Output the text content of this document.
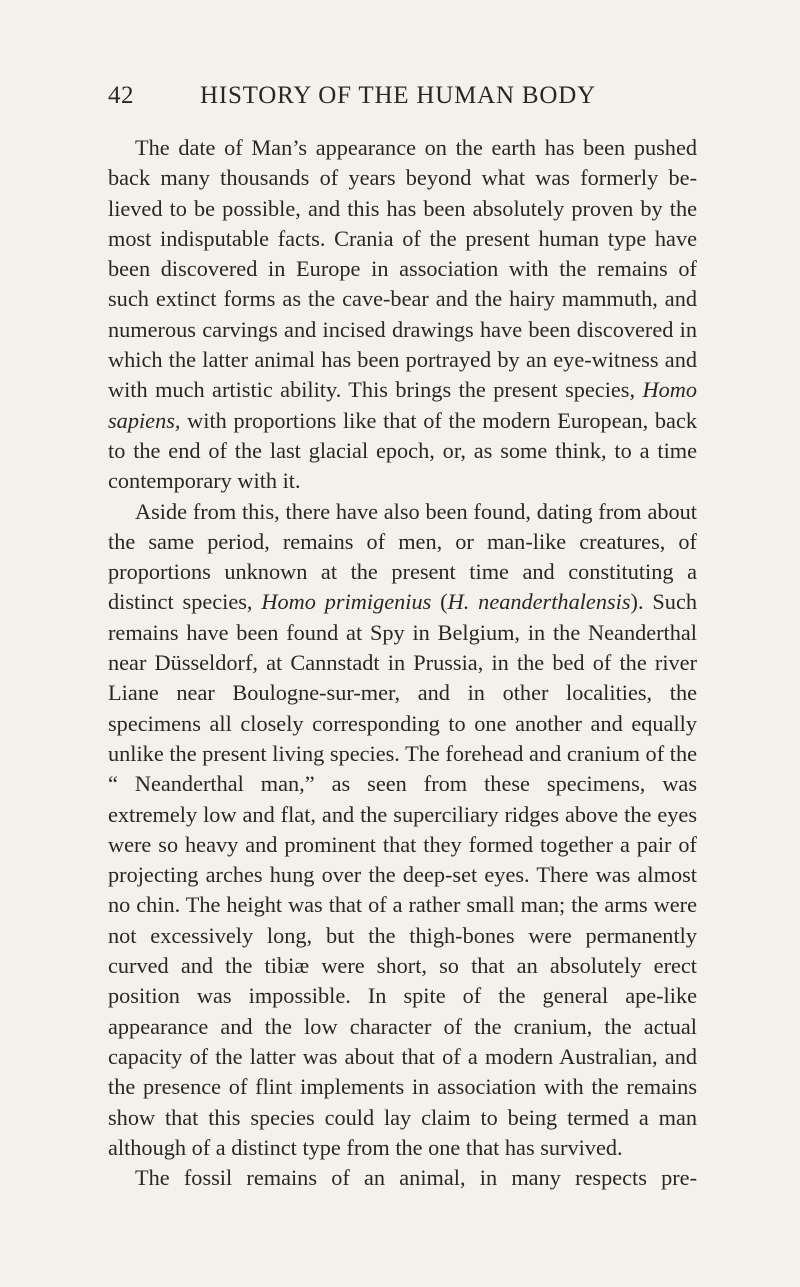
42	HISTORY OF THE HUMAN BODY

The date of Man’s appearance on the earth has been pushed back many thousands of years beyond what was formerly believed to be possible, and this has been absolutely proven by the most indisputable facts. Crania of the present human type have been discovered in Europe in association with the remains of such extinct forms as the cave-bear and the hairy mammuth, and numerous carvings and incised drawings have been discovered in which the latter animal has been portrayed by an eye-witness and with much artistic ability. This brings the present species, Homo sapiens, with proportions like that of the modern European, back to the end of the last glacial epoch, or, as some think, to a time contemporary with it.

Aside from this, there have also been found, dating from about the same period, remains of men, or man-like creatures, of proportions unknown at the present time and constituting a distinct species, Homo primigenius (H. neanderthalensis). Such remains have been found at Spy in Belgium, in the Neanderthal near Düsseldorf, at Cannstadt in Prussia, in the bed of the river Liane near Boulogne-sur-mer, and in other localities, the specimens all closely corresponding to one another and equally unlike the present living species. The forehead and cranium of the “ Neanderthal man,” as seen from these specimens, was extremely low and flat, and the superciliary ridges above the eyes were so heavy and prominent that they formed together a pair of projecting arches hung over the deep-set eyes. There was almost no chin. The height was that of a rather small man; the arms were not excessively long, but the thigh-bones were permanently curved and the tibiæ were short, so that an absolutely erect position was impossible. In spite of the general ape-like appearance and the low character of the cranium, the actual capacity of the latter was about that of a modern Australian, and the presence of flint implements in association with the remains show that this species could lay claim to being termed a man although of a distinct type from the one that has survived.

The fossil remains of an animal, in many respects pre-
